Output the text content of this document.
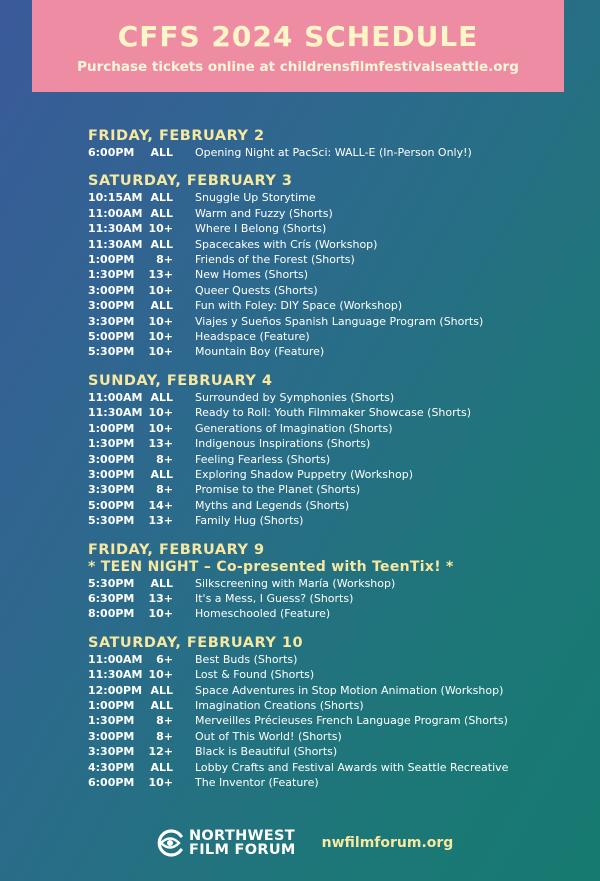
CFFS 2024 SCHEDULE
Purchase tickets online at childrensfilmfestivalseattle.org
FRIDAY, FEBRUARY 2
6:00PM	ALL Opening Night at PacSci: WALL-E (In-Person Only!)
SATURDAY, FEBRUARY 3
10:15AM ALL Snuggle Up Storytime
11:00AM ALL Warm and Fuzzy (Shorts)
11:30AM 10+ Where I Belong (Shorts)
11:30AM ALL Spacecakes with Crís (Workshop)
1:00PM	8+ Friends of the Forest (Shorts)
1:30PM	13+ New Homes (Shorts)
3:00PM	10+ Queer Quests (Shorts)
3:00PM	ALL Fun with Foley: DIY Space (Workshop)
3:30PM	10+ Viajes y Sueños Spanish Language Program (Shorts)
5:00PM	10+ Headspace (Feature)
5:30PM	10+ Mountain Boy (Feature)
SUNDAY, FEBRUARY 4
11:00AM ALL Surrounded by Symphonies (Shorts)
11:30AM 10+ Ready to Roll: Youth Filmmaker Showcase (Shorts)
1:00PM	10+ Generations of Imagination (Shorts)
1:30PM	13+ Indigenous Inspirations (Shorts)
3:00PM	8+ Feeling Fearless (Shorts)
3:00PM	ALL Exploring Shadow Puppetry (Workshop)
3:30PM	8+ Promise to the Planet (Shorts)
5:00PM	14+ Myths and Legends (Shorts)
5:30PM	13+ Family Hug (Shorts)
FRIDAY, FEBRUARY 9
* TEEN NIGHT – Co-presented with TeenTix! *
5:30PM	ALL Silkscreening with María (Workshop)
6:30PM	13+ It's a Mess, I Guess? (Shorts)
8:00PM	10+ Homeschooled (Feature)
SATURDAY, FEBRUARY 10
11:00AM	6+ Best Buds (Shorts)
11:30AM 10+ Lost & Found (Shorts)
12:00PM ALL Space Adventures in Stop Motion Animation (Workshop)
1:00PM	ALL Imagination Creations (Shorts)
1:30PM	8+ Merveilles Précieuses French Language Program (Shorts)
3:00PM	8+ Out of This World! (Shorts)
3:30PM	12+ Black is Beautiful (Shorts)
4:30PM	ALL Lobby Crafts and Festival Awards with Seattle Recreative
6:00PM	10+ The Inventor (Feature)
NORTHWEST
FILM FORUM nwfilmforum.org
